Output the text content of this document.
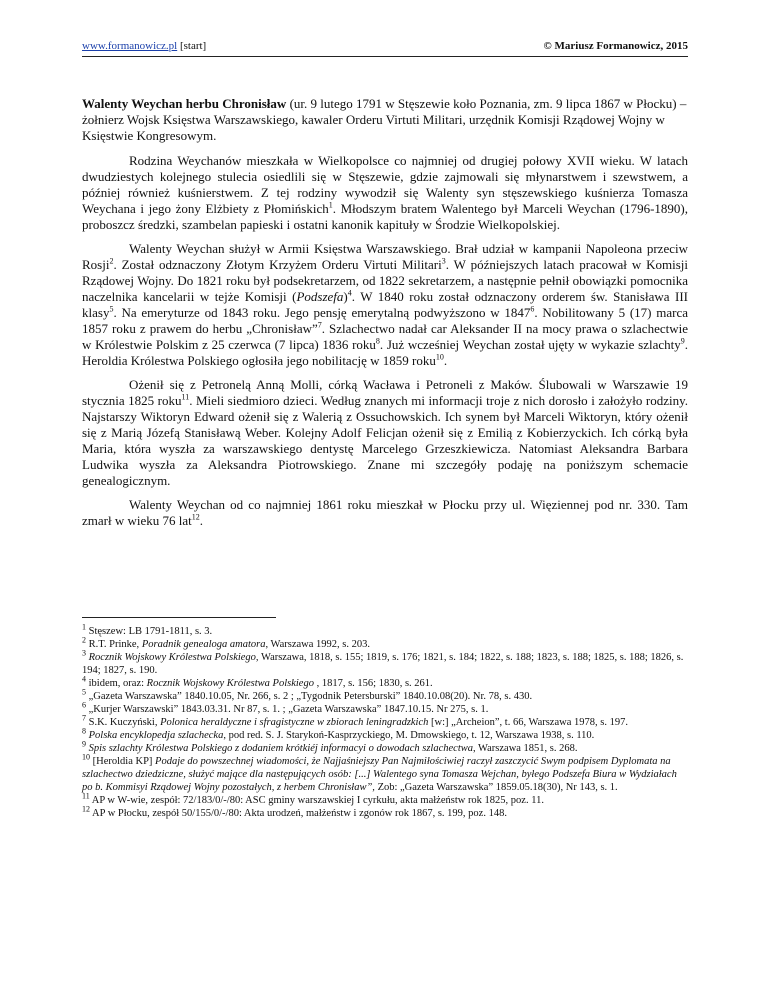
www.formanowicz.pl [start]	© Mariusz Formanowicz, 2015

Walenty Weychan herbu Chronisław (ur. 9 lutego 1791 w Stęszewie koło Poznania, zm. 9 lipca 1867 w Płocku) – żołnierz Wojsk Księstwa Warszawskiego, kawaler Orderu Virtuti Militari, urzędnik Komisji Rządowej Wojny w Księstwie Kongresowym.

Rodzina Weychanów mieszkała w Wielkopolsce co najmniej od drugiej połowy XVII wieku. W latach dwudziestych kolejnego stulecia osiedlili się w Stęszewie, gdzie zajmowali się młynarstwem i szewstwem, a później również kuśnierstwem. Z tej rodziny wywodził się Walenty syn stęszewskiego kuśnierza Tomasza Weychana i jego żony Elżbiety z Płomińskich$^1$. Młodszym bratem Walentego był Marceli Weychan (1796-1890), proboszcz średzki, szambelan papieski i ostatni kanonik kapituły w Środzie Wielkopolskiej.

Walenty Weychan służył w Armii Księstwa Warszawskiego. Brał udział w kampanii Napoleona przeciw Rosji$^2$. Został odznaczony Złotym Krzyżem Orderu Virtuti Militari$^3$. W późniejszych latach pracował w Komisji Rządowej Wojny. Do 1821 roku był podsekretarzem, od 1822 sekretarzem, a następnie pełnił obowiązki pomocnika naczelnika kancelarii w tejże Komisji (Podszefa)$^4$. W 1840 roku został odznaczony orderem św. Stanisława III klasy$^5$. Na emeryturze od 1843 roku. Jego pensję emerytalną podwyższono w 1847$^6$. Nobilitowany 5 (17) marca 1857 roku z prawem do herbu „Chronisław”$^7$. Szlachectwo nadał car Aleksander II na mocy prawa o szlachectwie w Królestwie Polskim z 25 czerwca (7 lipca) 1836 roku$^8$. Już wcześniej Weychan został ujęty w wykazie szlachty$^9$. Heroldia Królestwa Polskiego ogłosiła jego nobilitację w 1859 roku$^{10}$.

Ożenił się z Petronelą Anną Molli, córką Wacława i Petroneli z Maków. Ślubowali w Warszawie 19 stycznia 1825 roku$^{11}$. Mieli siedmioro dzieci. Według znanych mi informacji troje z nich dorosło i założyło rodziny. Najstarszy Wiktoryn Edward ożenił się z Walerią z Ossuchowskich. Ich synem był Marceli Wiktoryn, który ożenił się z Marią Józefą Stanisławą Weber. Kolejny Adolf Felicjan ożenił się z Emilią z Kobierzyckich. Ich córką była Maria, która wyszła za warszawskiego dentystę Marcelego Grzeszkiewicza. Natomiast Aleksandra Barbara Ludwika wyszła za Aleksandra Piotrowskiego. Znane mi szczegóły podaję na poniższym schemacie genealogicznym.

Walenty Weychan od co najmniej 1861 roku mieszkał w Płocku przy ul. Więziennej pod nr. 330. Tam zmarł w wieku 76 lat$^{12}$.

$^1$ Stęszew: LB 1791-1811, s. 3.

$^2$ R.T. Prinke, Poradnik genealoga amatora, Warszawa 1992, s. 203.

$^3$ Rocznik Wojskowy Królestwa Polskiego, Warszawa, 1818, s. 155; 1819, s. 176; 1821, s. 184; 1822, s. 188; 1823, s. 188; 1825, s. 188; 1826, s. 194; 1827, s. 190.

$^4$ ibidem, oraz: Rocznik Wojskowy Królestwa Polskiego , 1817, s. 156; 1830, s. 261.

$^5$ „Gazeta Warszawska” 1840.10.05, Nr. 266, s. 2 ; „Tygodnik Petersburski” 1840.10.08(20). Nr. 78, s. 430.

$^6$ „Kurjer Warszawski” 1843.03.31. Nr 87, s. 1. ; „Gazeta Warszawska” 1847.10.15. Nr 275, s. 1.

$^7$ S.K. Kuczyński, Polonica heraldyczne i sfragistyczne w zbiorach leningradzkich [w:] „Archeion”, t. 66, Warszawa 1978, s. 197.

$^8$ Polska encyklopedja szlachecka, pod red. S. J. Starykoń-Kasprzyckiego, M. Dmowskiego, t. 12, Warszawa 1938, s. 110.

$^9$ Spis szlachty Królestwa Polskiego z dodaniem krótkiéj informacyi o dowodach szlachectwa, Warszawa 1851, s. 268.

$^{10}$ [Heroldia KP] Podaje do powszechnej wiadomości, że Najjaśniejszy Pan Najmiłościwiej raczył zaszczycić Swym podpisem Dyplomata na szlachectwo dziedziczne, służyć mające dla następujących osób: [...] Walentego syna Tomasza Wejchan, byłego Podszefa Biura w Wydziałach po b. Kommisyi Rządowej Wojny pozostałych, z herbem Chronisław”, Zob: „Gazeta Warszawska” 1859.05.18(30), Nr 143, s. 1.

$^{11}$ AP w W-wie, zespół: 72/183/0/-/80: ASC gminy warszawskiej I cyrkułu, akta małżeństw rok 1825, poz. 11.

$^{12}$ AP w Płocku, zespół 50/155/0/-/80: Akta urodzeń, małżeństw i zgonów rok 1867, s. 199, poz. 148.
